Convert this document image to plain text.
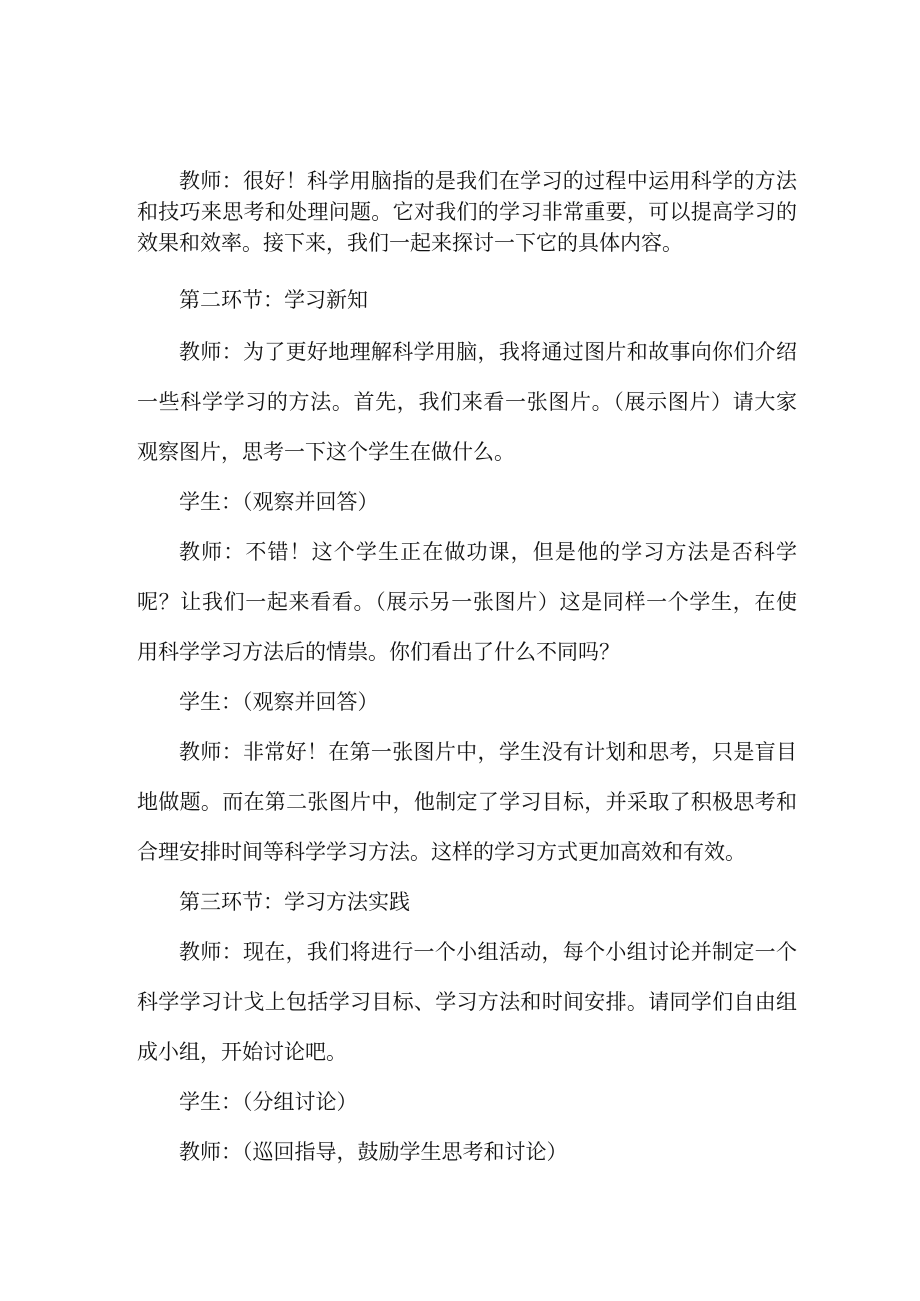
教师：很好！科学用脑指的是我们在学习的过程中运用科学的方法和技巧来思考和处理问题。它对我们的学习非常重要，可以提高学习的效果和效率。接下来，我们一起来探讨一下它的具体内容。

第二环节：学习新知

教师：为了更好地理解科学用脑，我将通过图片和故事向你们介绍一些科学学习的方法。首先，我们来看一张图片。（展示图片）请大家观察图片，思考一下这个学生在做什么。

学生：（观察并回答）

教师：不错！这个学生正在做功课，但是他的学习方法是否科学呢？让我们一起来看看。（展示另一张图片）这是同样一个学生，在使用科学学习方法后的情祟。你们看出了什么不同吗？

学生：（观察并回答）

教师：非常好！在第一张图片中，学生没有计划和思考，只是盲目地做题。而在第二张图片中，他制定了学习目标，并采取了积极思考和合理安排时间等科学学习方法。这样的学习方式更加高效和有效。

第三环节：学习方法实践

教师：现在，我们将进行一个小组活动，每个小组讨论并制定一个科学学习计戈上包括学习目标、学习方法和时间安排。请同学们自由组成小组，开始讨论吧。

学生：（分组讨论）

教师：（巡回指导，鼓励学生思考和讨论）
